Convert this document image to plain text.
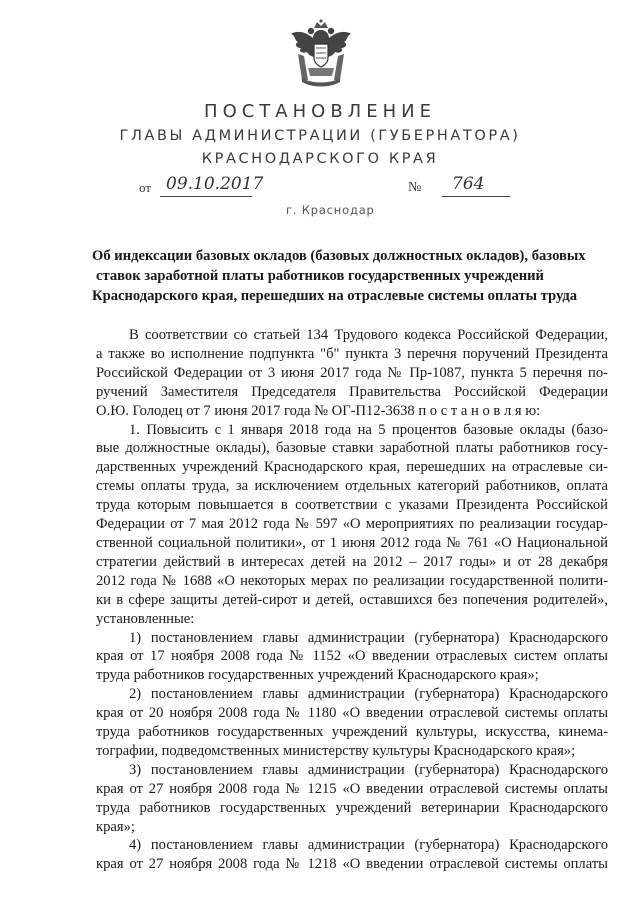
ПОСТАНОВЛЕНИЕ
ГЛАВЫ АДМИНИСТРАЦИИ (ГУБЕРНАТОРА)
КРАСНОДАРСКОГО КРАЯ
от 09.10.2017	№ 764
г. Краснодар
Об индексации базовых окладов (базовых должностных окладов), базовых
ставок заработной платы работников государственных учреждений
Краснодарского края, перешедших на отраслевые системы оплаты труда
В соответствии со статьей 134 Трудового кодекса Российской Федерации,
а также во исполнение подпункта "б" пункта 3 перечня поручений Президента
Российской Федерации от 3 июня 2017 года № Пр-1087, пункта 5 перечня по-
ручений Заместителя Председателя Правительства Российской Федерации
О.Ю. Голодец от 7 июня 2017 года № ОГ-П12-3638 п о с т а н о в л я ю:
1. Повысить с 1 января 2018 года на 5 процентов базовые оклады (базо-
вые должностные оклады), базовые ставки заработной платы работников госу-
дарственных учреждений Краснодарского края, перешедших на отраслевые си-
стемы оплаты труда, за исключением отдельных категорий работников, оплата
труда которым повышается в соответствии с указами Президента Российской
Федерации от 7 мая 2012 года № 597 «О мероприятиях по реализации государ-
ственной социальной политики», от 1 июня 2012 года № 761 «О Национальной
стратегии действий в интересах детей на 2012 – 2017 годы» и от 28 декабря
2012 года № 1688 «О некоторых мерах по реализации государственной полити-
ки в сфере защиты детей-сирот и детей, оставшихся без попечения родителей»,
установленные:
1) постановлением главы администрации (губернатора) Краснодарского
края от 17 ноября 2008 года № 1152 «О введении отраслевых систем оплаты
труда работников государственных учреждений Краснодарского края»;
2) постановлением главы администрации (губернатора) Краснодарского
края от 20 ноября 2008 года № 1180 «О введении отраслевой системы оплаты
труда работников государственных учреждений культуры, искусства, кинема-
тографии, подведомственных министерству культуры Краснодарского края»;
3) постановлением главы администрации (губернатора) Краснодарского
края от 27 ноября 2008 года № 1215 «О введении отраслевой системы оплаты
труда работников государственных учреждений ветеринарии Краснодарского
края»;
4) постановлением главы администрации (губернатора) Краснодарского
края от 27 ноября 2008 года № 1218 «О введении отраслевой системы оплаты
